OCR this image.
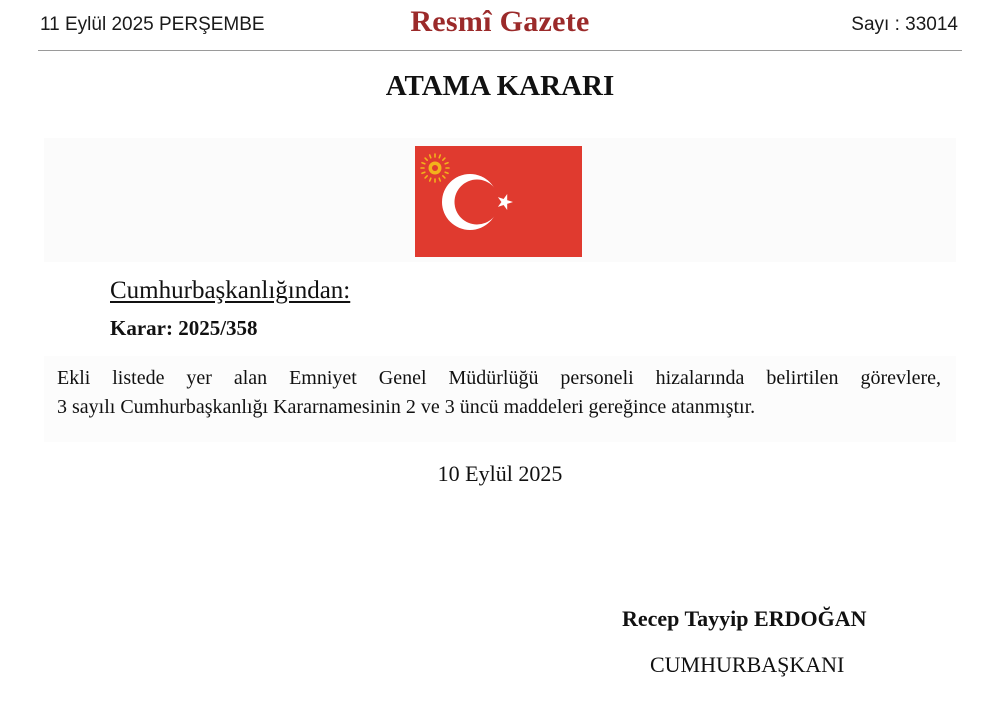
11 Eylül 2025 PERŞEMBE	Resmî Gazete	Sayı : 33014
ATAMA KARARI
Cumhurbaşkanlığından:
Karar: 2025/358
Ekli listede yer alan Emniyet Genel Müdürlüğü personeli hizalarında belirtilen görevlere,
3 sayılı Cumhurbaşkanlığı Kararnamesinin 2 ve 3 üncü maddeleri gereğince atanmıştır.
10 Eylül 2025
Recep Tayyip ERDOĞAN
CUMHURBAŞKANI
